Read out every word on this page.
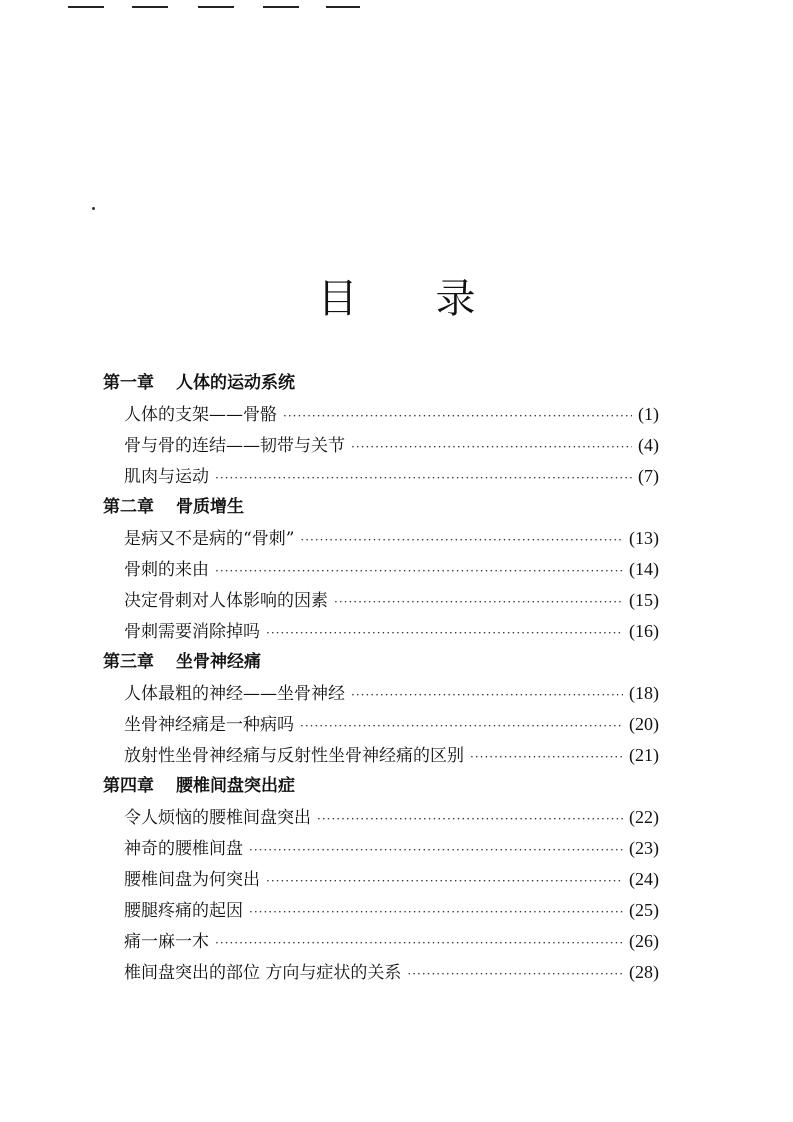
目录
第一章 人体的运动系统
人体的支架——骨骼 ·····	(1)
骨与骨的连结——韧带与关节 ·····	(4)
肌肉与运动 ·····	(7)
第二章 骨质增生
是病又不是病的“骨刺” ·····	(13)
骨刺的来由 ·····	(14)
决定骨刺对人体影响的因素 ·····	(15)
骨刺需要消除掉吗 ·····	(16)
第三章 坐骨神经痛
人体最粗的神经——坐骨神经 ·····	(18)
坐骨神经痛是一种病吗 ·····	(20)
放射性坐骨神经痛与反射性坐骨神经痛的区别 ·····	(21)
第四章 腰椎间盘突出症
令人烦恼的腰椎间盘突出 ·····	(22)
神奇的腰椎间盘 ·····	(23)
腰椎间盘为何突出 ·····	(24)
腰腿疼痛的起因 ·····	(25)
痛一麻一木 ·····	(26)
椎间盘突出的部位 方向与症状的关系 ·····	(28)
